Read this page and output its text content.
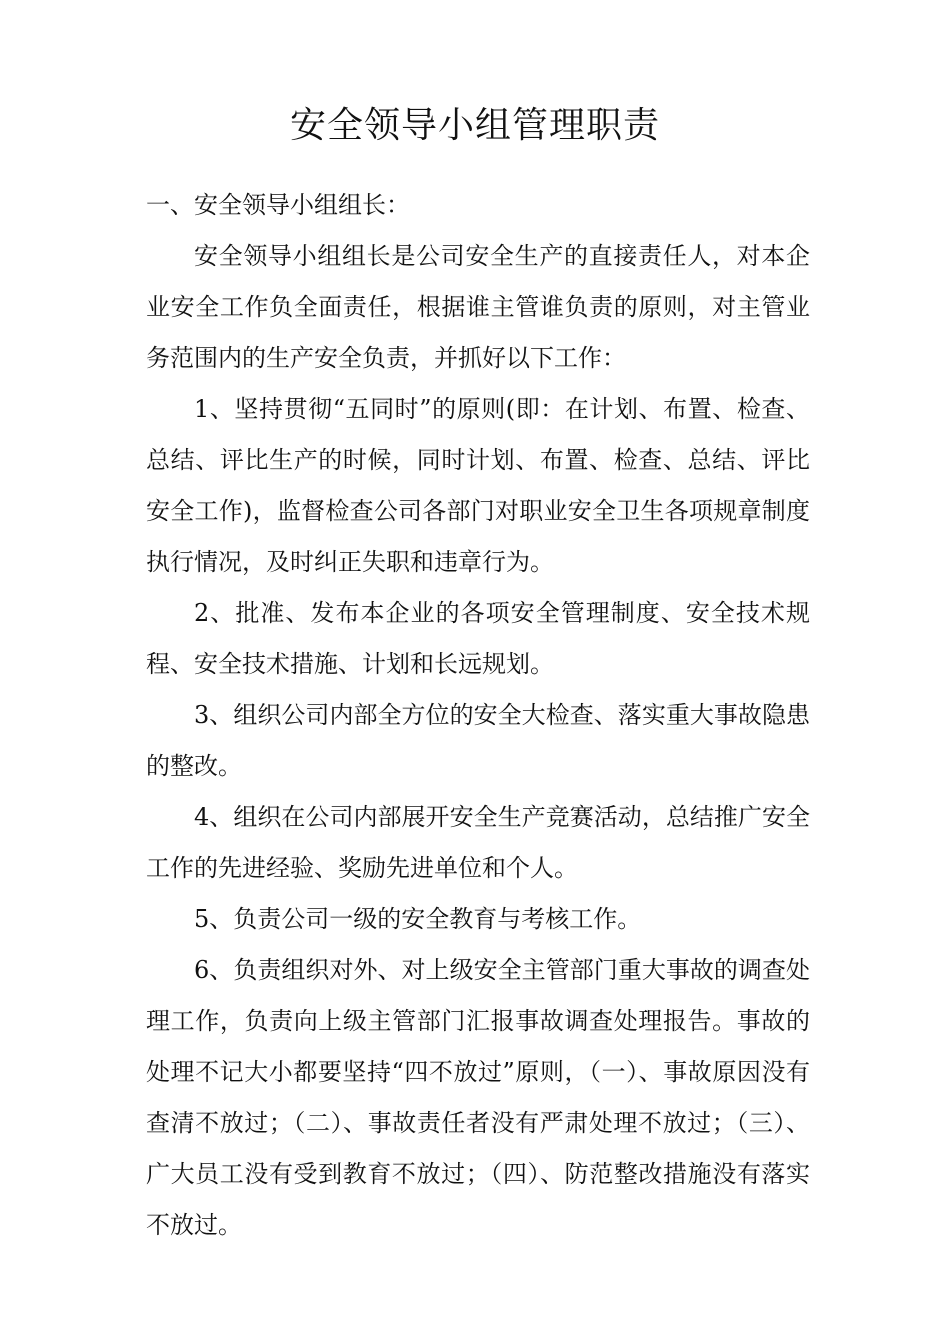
安全领导小组管理职责

一、安全领导小组组长：

安全领导小组组长是公司安全生产的直接责任人，对本企业安全工作负全面责任，根据谁主管谁负责的原则，对主管业务范围内的生产安全负责，并抓好以下工作：

1、坚持贯彻“五同时”的原则(即：在计划、布置、检查、总结、评比生产的时候，同时计划、布置、检查、总结、评比安全工作)，监督检查公司各部门对职业安全卫生各项规章制度执行情况，及时纠正失职和违章行为。

2、批准、发布本企业的各项安全管理制度、安全技术规程、安全技术措施、计划和长远规划。

3、组织公司内部全方位的安全大检查、落实重大事故隐患的整改。

4、组织在公司内部展开安全生产竞赛活动，总结推广安全工作的先进经验、奖励先进单位和个人。

5、负责公司一级的安全教育与考核工作。

6、负责组织对外、对上级安全主管部门重大事故的调查处理工作，负责向上级主管部门汇报事故调查处理报告。事故的处理不记大小都要坚持“四不放过”原则，（一）、事故原因没有查清不放过；（二）、事故责任者没有严肃处理不放过；（三）、广大员工没有受到教育不放过；（四）、防范整改措施没有落实不放过。
